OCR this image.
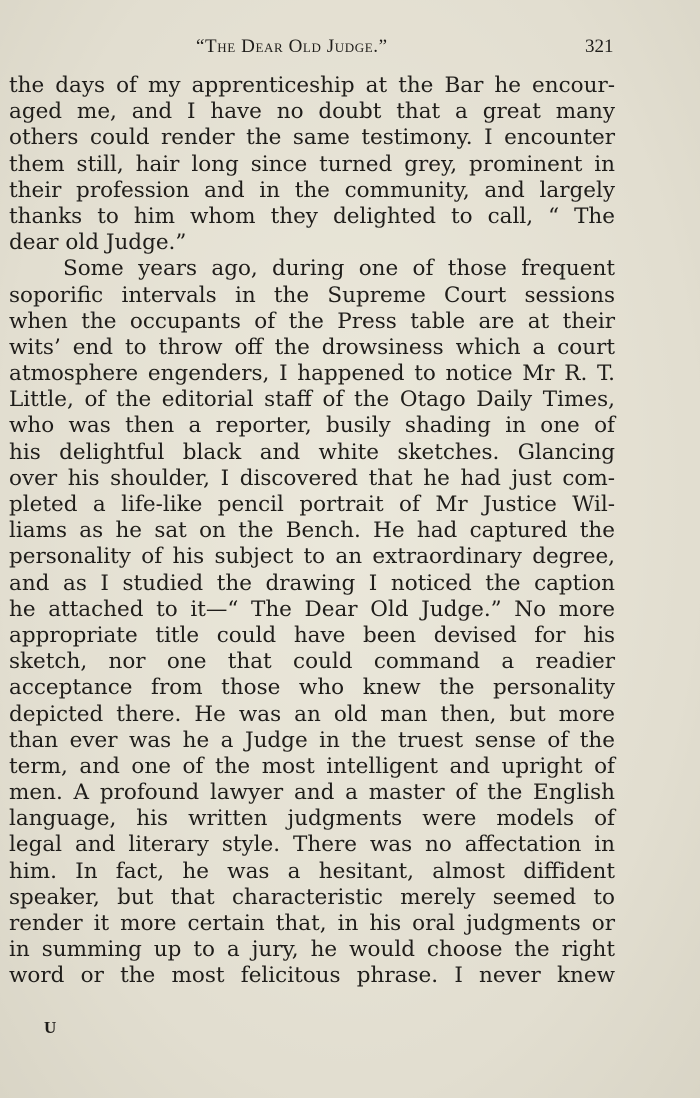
“The Dear Old Judge.”	321
the days of my apprenticeship at the Bar he encour-
aged me, and I have no doubt that a great many
others could render the same testimony. I encounter
them still, hair long since turned grey, prominent in
their profession and in the community, and largely
thanks to him whom they delighted to call, “ The
dear old Judge.”
Some years ago, during one of those frequent
soporific intervals in the Supreme Court sessions
when the occupants of the Press table are at their
wits’ end to throw off the drowsiness which a court
atmosphere engenders, I happened to notice Mr R. T.
Little, of the editorial staff of the Otago Daily Times,
who was then a reporter, busily shading in one of
his delightful black and white sketches. Glancing
over his shoulder, I discovered that he had just com-
pleted a life-like pencil portrait of Mr Justice Wil-
liams as he sat on the Bench. He had captured the
personality of his subject to an extraordinary degree,
and as I studied the drawing I noticed the caption
he attached to it—“ The Dear Old Judge.” No more
appropriate title could have been devised for his
sketch, nor one that could command a readier
acceptance from those who knew the personality
depicted there. He was an old man then, but more
than ever was he a Judge in the truest sense of the
term, and one of the most intelligent and upright of
men. A profound lawyer and a master of the English
language, his written judgments were models of
legal and literary style. There was no affectation in
him. In fact, he was a hesitant, almost diffident
speaker, but that characteristic merely seemed to
render it more certain that, in his oral judgments or
in summing up to a jury, he would choose the right
word or the most felicitous phrase. I never knew
U
